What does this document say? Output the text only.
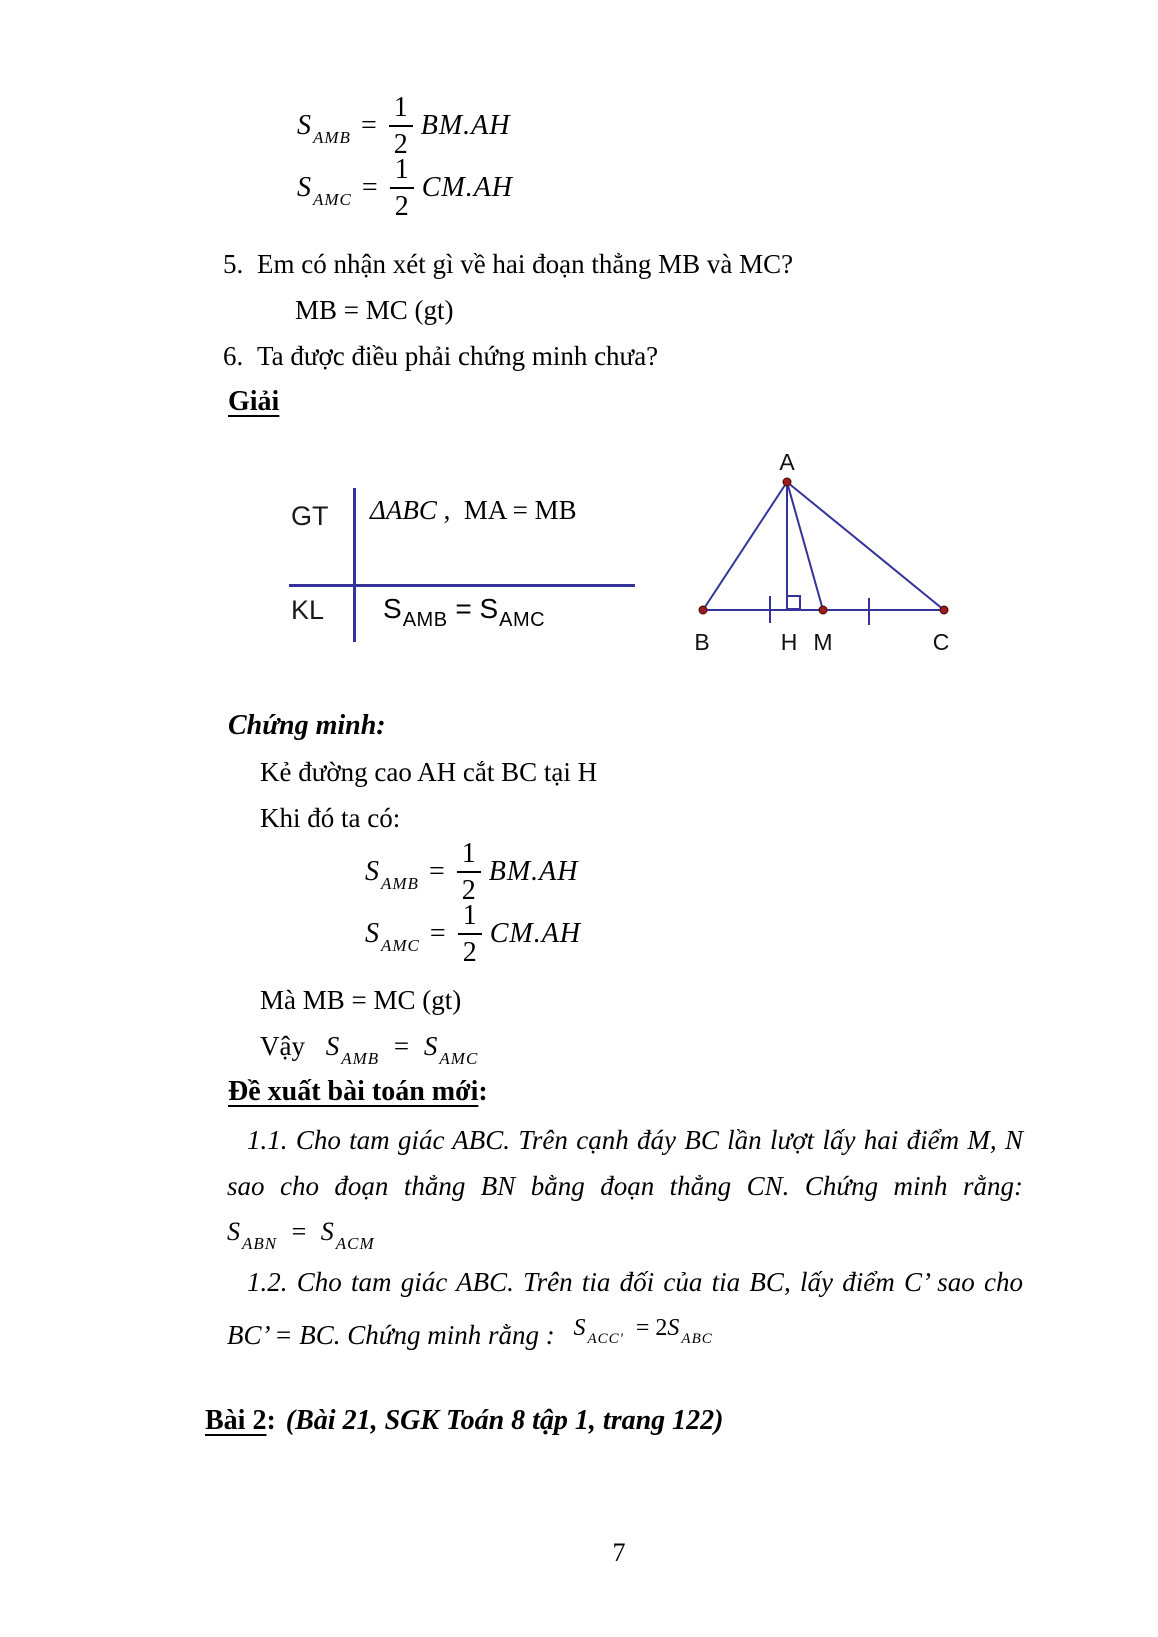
S $_{AMB} = \frac{1}{2} BM.AH$
S $_{AMC} = \frac{1}{2} CM.AH$
5. Em có nhận xét gì về hai đoạn thẳng MB và MC?
MB = MC (gt)
6. Ta được điều phải chứng minh chưa?
Giải
GT
KL
ΔABC , MA = MB
$S_{AMB} = S_{AMC}$
A
B	H M	C
Chứng minh:
Kẻ đường cao AH cắt BC tại H
Khi đó ta có:
S $_{AMB} = \frac{1}{2} BM.AH$
S $_{AMC} = \frac{1}{2} CM.AH$
Mà MB = MC (gt)
Vậy S $_{AMB}$ = S $_{AMC}$
Đề xuất bài toán mới:
1.1. Cho tam giác ABC. Trên cạnh đáy BC lần lượt lấy hai điểm M, N
sao cho đoạn thẳng BN bằng đoạn thẳng CN. Chứng minh rằng:
S $_{ABN}$ = S $_{ACM}$
1.2. Cho tam giác ABC. Trên tia đối của tia BC, lấy điểm C’ sao cho
BC’ = BC. Chứng minh rằng : S $_{ACC'}$ = 2S $_{ABC}$
Bài 2: (Bài 21, SGK Toán 8 tập 1, trang 122)
7
